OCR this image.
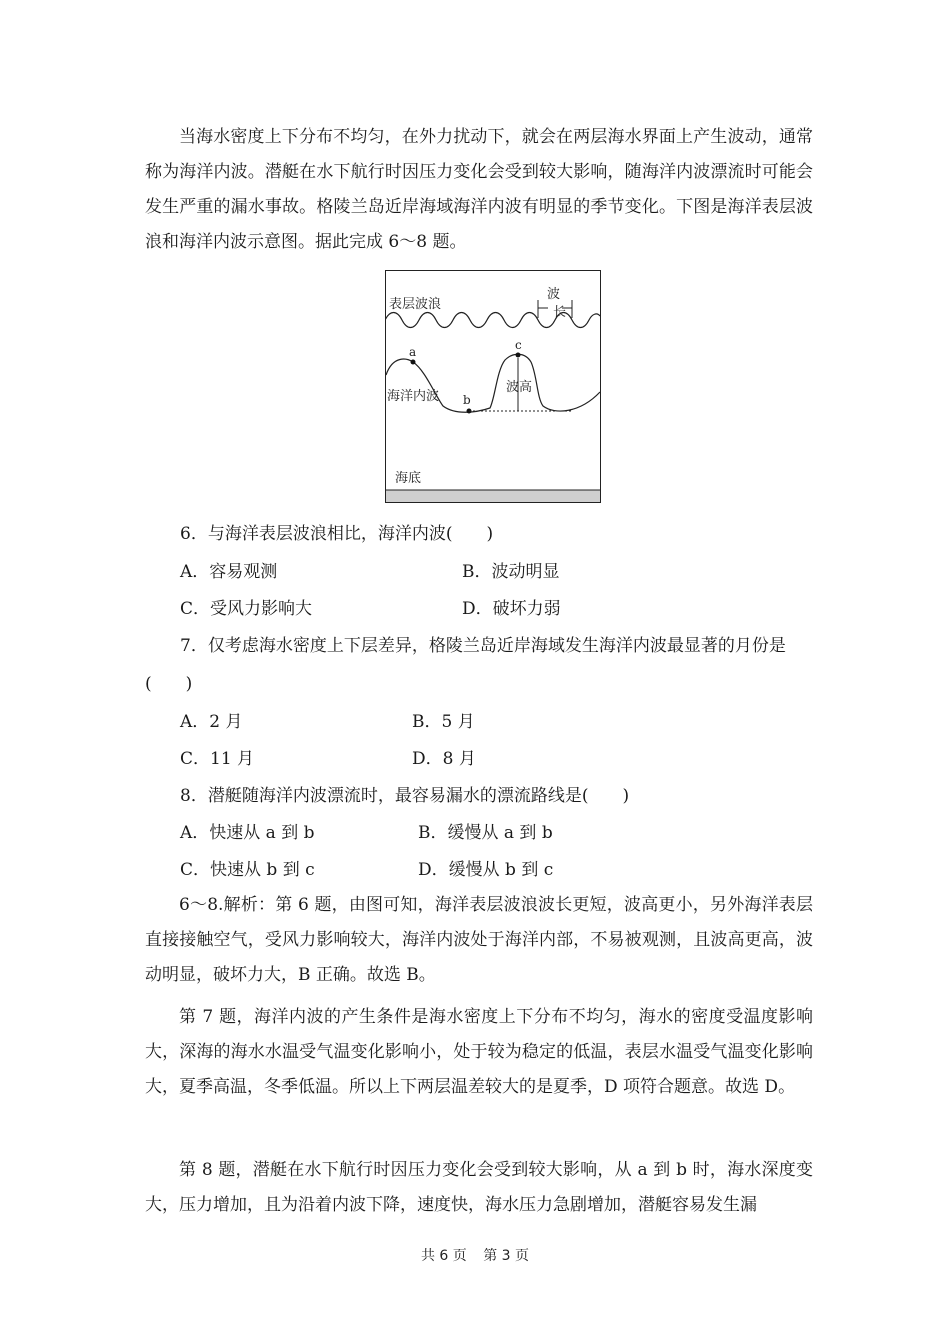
当海水密度上下分布不均匀，在外力扰动下，就会在两层海水界面上产生波动，通常称为海洋内波。潜艇在水下航行时因压力变化会受到较大影响，随海洋内波漂流时可能会发生严重的漏水事故。格陵兰岛近岸海域海洋内波有明显的季节变化。下图是海洋表层波浪和海洋内波示意图。据此完成 6～8 题。

表层波浪
波
长
a
b
c
海洋内波
波高
海底

6．与海洋表层波浪相比，海洋内波(　　)

A．容易观测	B．波动明显

C．受风力影响大	D．破坏力弱

7．仅考虑海水密度上下层差异，格陵兰岛近岸海域发生海洋内波最显著的月份是

(　　)

A．2 月	B．5 月

C．11 月	D．8 月

8．潜艇随海洋内波漂流时，最容易漏水的漂流路线是(　　)

A．快速从 a 到 b	B．缓慢从 a 到 b

C．快速从 b 到 c	D．缓慢从 b 到 c

6～8.解析：第 6 题，由图可知，海洋表层波浪波长更短，波高更小，另外海洋表层直接接触空气，受风力影响较大，海洋内波处于海洋内部，不易被观测，且波高更高，波动明显，破坏力大，B 正确。故选 B。

第 7 题，海洋内波的产生条件是海水密度上下分布不均匀，海水的密度受温度影响大，深海的海水水温受气温变化影响小，处于较为稳定的低温，表层水温受气温变化影响大，夏季高温，冬季低温。所以上下两层温差较大的是夏季，D 项符合题意。故选 D。

第 8 题，潜艇在水下航行时因压力变化会受到较大影响，从 a 到 b 时，海水深度变大，压力增加，且为沿着内波下降，速度快，海水压力急剧增加，潜艇容易发生漏

共 6 页 第 3 页
